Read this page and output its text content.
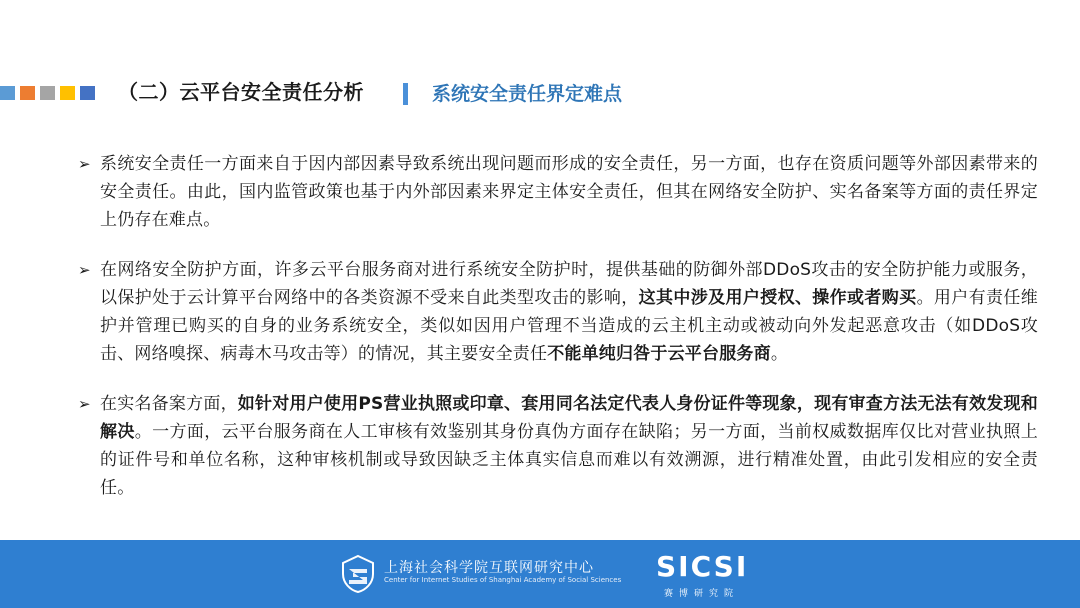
（二）云平台安全责任分析	系统安全责任界定难点
➢ 系统安全责任一方面来自于因内部因素导致系统出现问题而形成的安全责任，另一方面，也存在资质问题等外部因素带来的安全责任。由此，国内监管政策也基于内外部因素来界定主体安全责任，但其在网络安全防护、实名备案等方面的责任界定上仍存在难点。
➢ 在网络安全防护方面，许多云平台服务商对进行系统安全防护时，提供基础的防御外部DDoS攻击的安全防护能力或服务，以保护处于云计算平台网络中的各类资源不受来自此类型攻击的影响，这其中涉及用户授权、操作或者购买。用户有责任维护并管理已购买的自身的业务系统安全，类似如因用户管理不当造成的云主机主动或被动向外发起恶意攻击（如DDoS攻击、网络嗅探、病毒木马攻击等）的情况，其主要安全责任不能单纯归咎于云平台服务商。
➢ 在实名备案方面，如针对用户使用PS营业执照或印章、套用同名法定代表人身份证件等现象，现有审查方法无法有效发现和解决。一方面，云平台服务商在人工审核有效鉴别其身份真伪方面存在缺陷；另一方面，当前权威数据库仅比对营业执照上的证件号和单位名称，这种审核机制或导致因缺乏主体真实信息而难以有效溯源，进行精准处置，由此引发相应的安全责任。
上海社会科学院互联网研究中心
Center for Internet Studies of Shanghai Academy of Social Sciences SICSI
赛博研究院
